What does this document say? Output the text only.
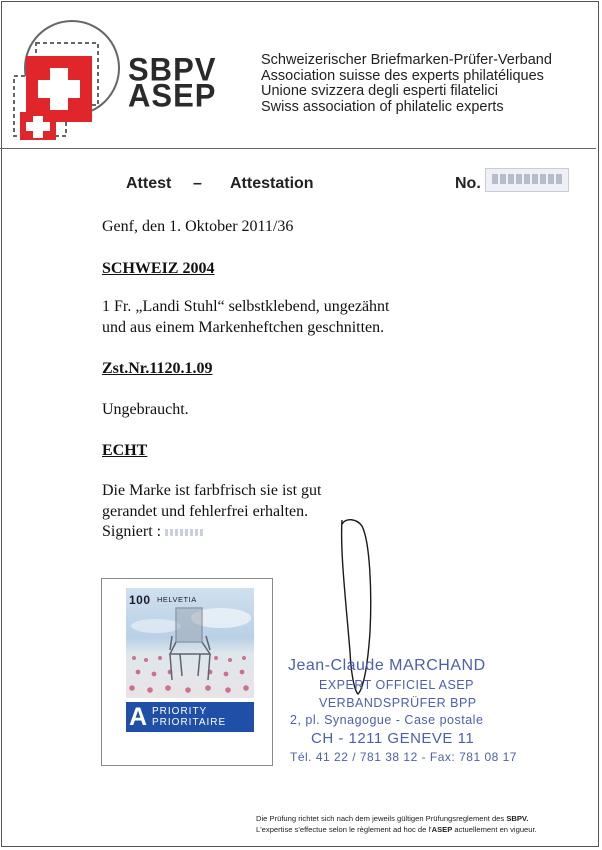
SBPV
ASEP
Schweizerischer Briefmarken-Prüfer-Verband
Association suisse des experts philatéliques
Unione svizzera degli esperti filatelici
Swiss association of philatelic experts
Attest – Attestation	No.
Genf, den 1. Oktober 2011/36
SCHWEIZ 2004
1 Fr. „Landi Stuhl“ selbstklebend, ungezähnt
und aus einem Markenheftchen geschnitten.
Zst.Nr.1120.1.09
Ungebraucht.
ECHT
Die Marke ist farbfrisch sie ist gut
gerandet und fehlerfrei erhalten.
Signiert :
100 HELVETIA
A PRIORITY
PRIORITAIRE
Jean-Claude MARCHAND
EXPERT OFFICIEL ASEP
VERBANDSPRÜFER BPP
2, pl. Synagogue - Case postale
CH - 1211 GENEVE 11
Tél. 41 22 / 781 38 12 - Fax: 781 08 17
Die Prüfung richtet sich nach dem jeweils gültigen Prüfungsreglement des SBPV.
L'expertise s'effectue selon le règlement ad hoc de l'ASEP actuellement en vigueur.
